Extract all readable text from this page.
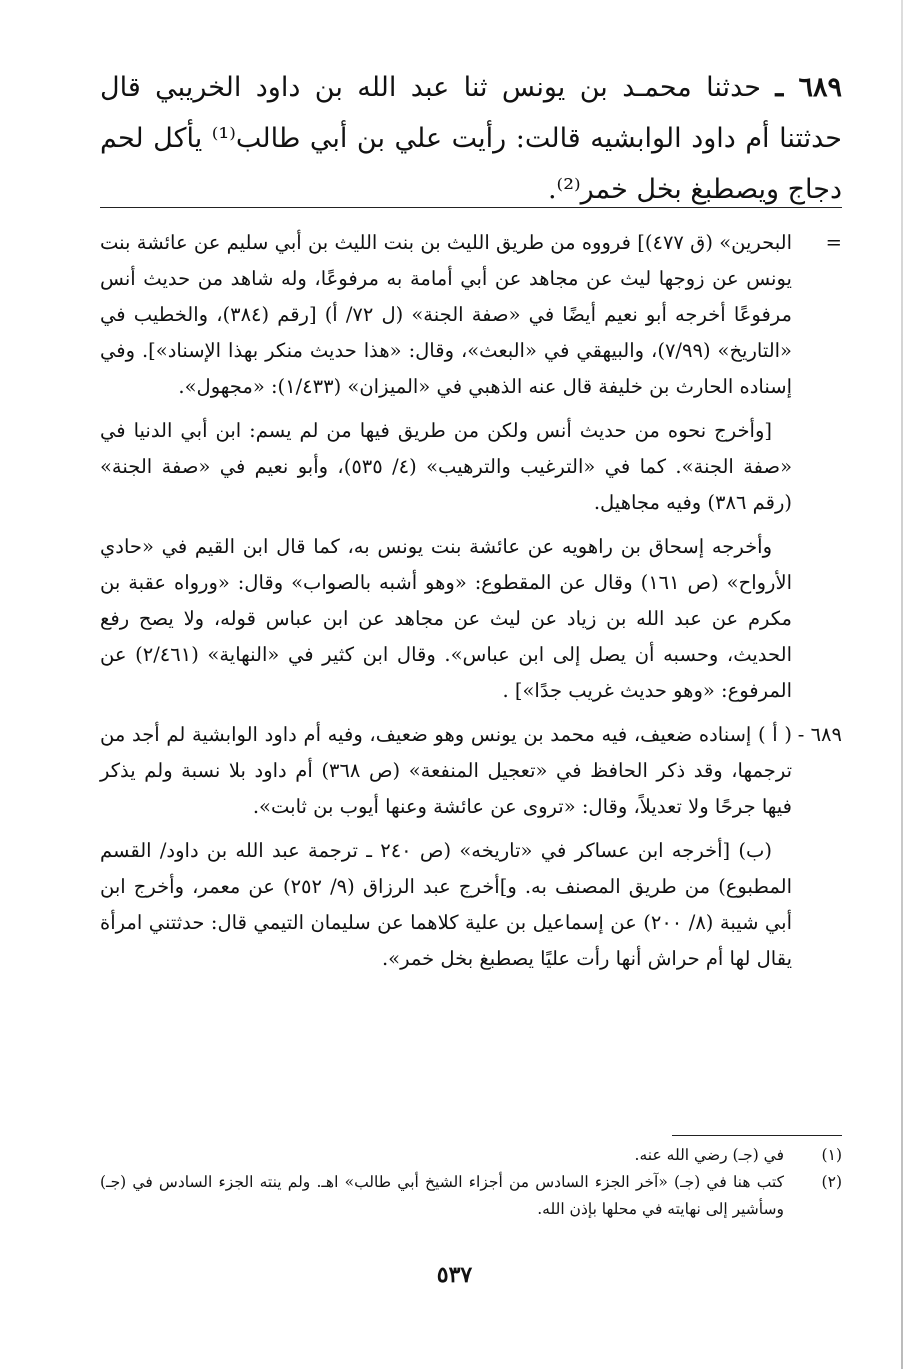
٦٨٩ ـ حدثنا محمـد بن يونس ثنا عبد الله بن داود الخريبي قال حدثتنا أم داود الوابشيه قالت: رأيت علي بن أبي طالب⁽¹⁾ يأكل لحم دجاج ويصطبغ بخل خمر⁽²⁾.
=
البحرين» (ق ٤٧٧)] فرووه من طريق الليث بن بنت الليث بن أبي سليم عن عائشة بنت يونس عن زوجها ليث عن مجاهد عن أبي أمامة به مرفوعًا، وله شاهد من حديث أنس مرفوعًا أخرجه أبو نعيم أيضًا في «صفة الجنة» (ل ٧٢/ أ) [رقم (٣٨٤)، والخطيب في «التاريخ» (٧/٩٩)، والبيهقي في «البعث»، وقال: «هذا حديث منكر بهذا الإسناد»]. وفي إسناده الحارث بن خليفة قال عنه الذهبي في «الميزان» (١/٤٣٣): «مجهول».
[وأخرج نحوه من حديث أنس ولكن من طريق فيها من لم يسم: ابن أبي الدنيا في «صفة الجنة». كما في «الترغيب والترهيب» (٤/ ٥٣٥)، وأبو نعيم في «صفة الجنة» (رقم ٣٨٦) وفيه مجاهيل.
وأخرجه إسحاق بن راهويه عن عائشة بنت يونس به، كما قال ابن القيم في «حادي الأرواح» (ص ١٦١) وقال عن المقطوع: «وهو أشبه بالصواب» وقال: «ورواه عقبة بن مكرم عن عبد الله بن زياد عن ليث عن مجاهد عن ابن عباس قوله، ولا يصح رفع الحديث، وحسبه أن يصل إلى ابن عباس». وقال ابن كثير في «النهاية» (٢/٤٦١) عن المرفوع: «وهو حديث غريب جدًا»] .
٦٨٩ -
( أ ) إسناده ضعيف، فيه محمد بن يونس وهو ضعيف، وفيه أم داود الوابشية لم أجد من ترجمها، وقد ذكر الحافظ في «تعجيل المنفعة» (ص ٣٦٨) أم داود بلا نسبة ولم يذكر فيها جرحًا ولا تعديلاً، وقال: «تروى عن عائشة وعنها أيوب بن ثابت».
(ب) [أخرجه ابن عساكر في «تاريخه» (ص ٢٤٠ ـ ترجمة عبد الله بن داود/ القسم المطبوع) من طريق المصنف به. و]أخرج عبد الرزاق (٩/ ٢٥٢) عن معمر، وأخرج ابن أبي شيبة (٨/ ٢٠٠) عن إسماعيل بن علية كلاهما عن سليمان التيمي قال: حدثتني امرأة يقال لها أم حراش أنها رأت عليًا يصطبغ بخل خمر».
(١)
في (جـ) رضي الله عنه.
(٢)
كتب هنا في (جـ) «آخر الجزء السادس من أجزاء الشيخ أبي طالب» اهـ. ولم ينته الجزء السادس في (جـ) وسأشير إلى نهايته في محلها بإذن الله.
٥٣٧
